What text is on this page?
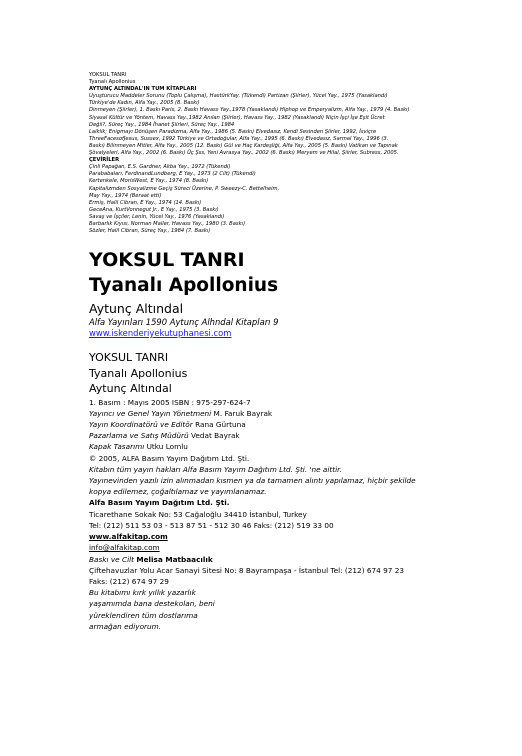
YOKSUL TANRI
Tyanalı Apollonius
AYTUNÇ ALTINDAL'IN TUM KİTAPLARI
Uyuşturucu Maddeler Sorunu (Toplu Çalışma), HastürkYay. (Tükendi) Partizan (Şiirler), Yücel Yay., 1975 (Yasaklandı)
Türkiye'de Kadın, Alfa Yay., 2005 (8. Baskı)
Dinmeyen (Şiirler), 1. Baskı Paris, 2. Baskı Havass Yay.,1978 (Yasaklandı) Hiphop ve Emperyalizm, Alfa Yay., 1979 (4. Baskı)
Siyasal Kültür ve Yöntem, Havass Yay.,1982 Anılan (Şiirler), Havass Yay., 1982 (Yasaklandı) Niçin İşçi İşe Eşit Ücret
Değil?, Süreç Yay., 1984 İhanet Şiirleri, Süreç Yay., 1984
Laiklik; Enigmayı Dönüşen Paradizma, Alfa Yay., 1986 (5. Baskı) Elvedasız, Kendi Sesinden Şiirler, 1992, İsviçre
ThreeFacesofJesus, Sussex, 1992 Türkiye ve Ortadoğular, Alfa Yay., 1995 (6. Baskı) Elvedasız, Sarmal Yay., 1996 (3.
Baskı) Bilinmeyen Mitler, Alfa Yay., 2005 (12. Baskı) Gül ve Haç Kardeşliği, Alfa Yay., 2005 (5. Baskı) Vatikan ve Tapınak
Şövalyeleri, Alfa Yay., 2002 (6. Baskı) Üç Şss, Yeni Avrasya Yay., 2002 (6. Baskı) Meryem ve Hilal, Şiirler, Subress, 2005.
ÇEVİRİLER
Çinli Papağan, E.S. Gardner, Akba Yay., 1972 (Tükendi)
Parababaları, FerdinandLundberg, E Yay., 1973 (2 Cilt) (Tükendi)
Kertenkele, MorisWest, E Yay., 1974 (8. Baskı)
Kapitalizmden Sosyalizme Geçiş Süreci Üzerine, P. Sweezy-C. Bettelheim,
May Yay., 1974 (Beraat etti)
Ermiş, Halil Cibran, E Yay., 1974 (14. Baskı)
GeceAna, KurtVonnegut Jr., E Yay., 1975 (3. Baskı)
Savaş ve İşçiler, Lenin, Yücel Yay., 1976 (Yasaklandı)
Barbarlık Kıyısı, Norman Mailer, Havass Yay., 1980 (3. Baskı)
Sözler, Halil Cibran, Süreç Yay., 1984 (7. Baskı)
YOKSUL TANRI
Tyanalı Apollonius
Aytunç Altındal
Alfa Yayınları 1590 Aytunç Alhndal Kitapları 9
www.iskenderiyekutuphanesi.com
YOKSUL TANRI
Tyanalı Apollonius
Aytunç Altındal
1. Basım : Mayıs 2005 ISBN : 975-297-624-7
Yayıncı ve Genel Yayın Yönetmeni M. Faruk Bayrak
Yayın Koordinatörü ve Editör Rana Gürtuna
Pazarlama ve Satış Müdürü Vedat Bayrak
Kapak Tasarımı Utku Lomlu
© 2005, ALFA Basım Yayım Dağıtım Ltd. Şti.
Kitabın tüm yayın hakları Alfa Basım Yayım Dağıtım Ltd. Şti. 'ne aittir.
Yayınevinden yazılı izin alınmadan kısmen ya da tamamen alıntı yapılamaz, hiçbir şekilde
kopya edilemez, çoğaltılamaz ve yayımlanamaz.
Alfa Basım Yayım Dağıtım Ltd. Şti.
Ticarethane Sokak No: 53 Cağaloğlu 34410 İstanbul, Turkey
Tel: (212) 511 53 03 - 513 87 51 - 512 30 46 Faks: (212) 519 33 00
www.alfakitap.com
info@alfakitap.com
Baskı ve Cilt Melisa Matbaacılık
Çiftehavuzlar Yolu Acar Sanayi Sitesi No: 8 Bayrampaşa - İstanbul Tel: (212) 674 97 23
Faks: (212) 674 97 29
Bu kitabımı kırk yıllık yazarlık
yaşamımda bana destekolan, beni
yüreklendiren tüm dostlarıma
armağan ediyorum.
